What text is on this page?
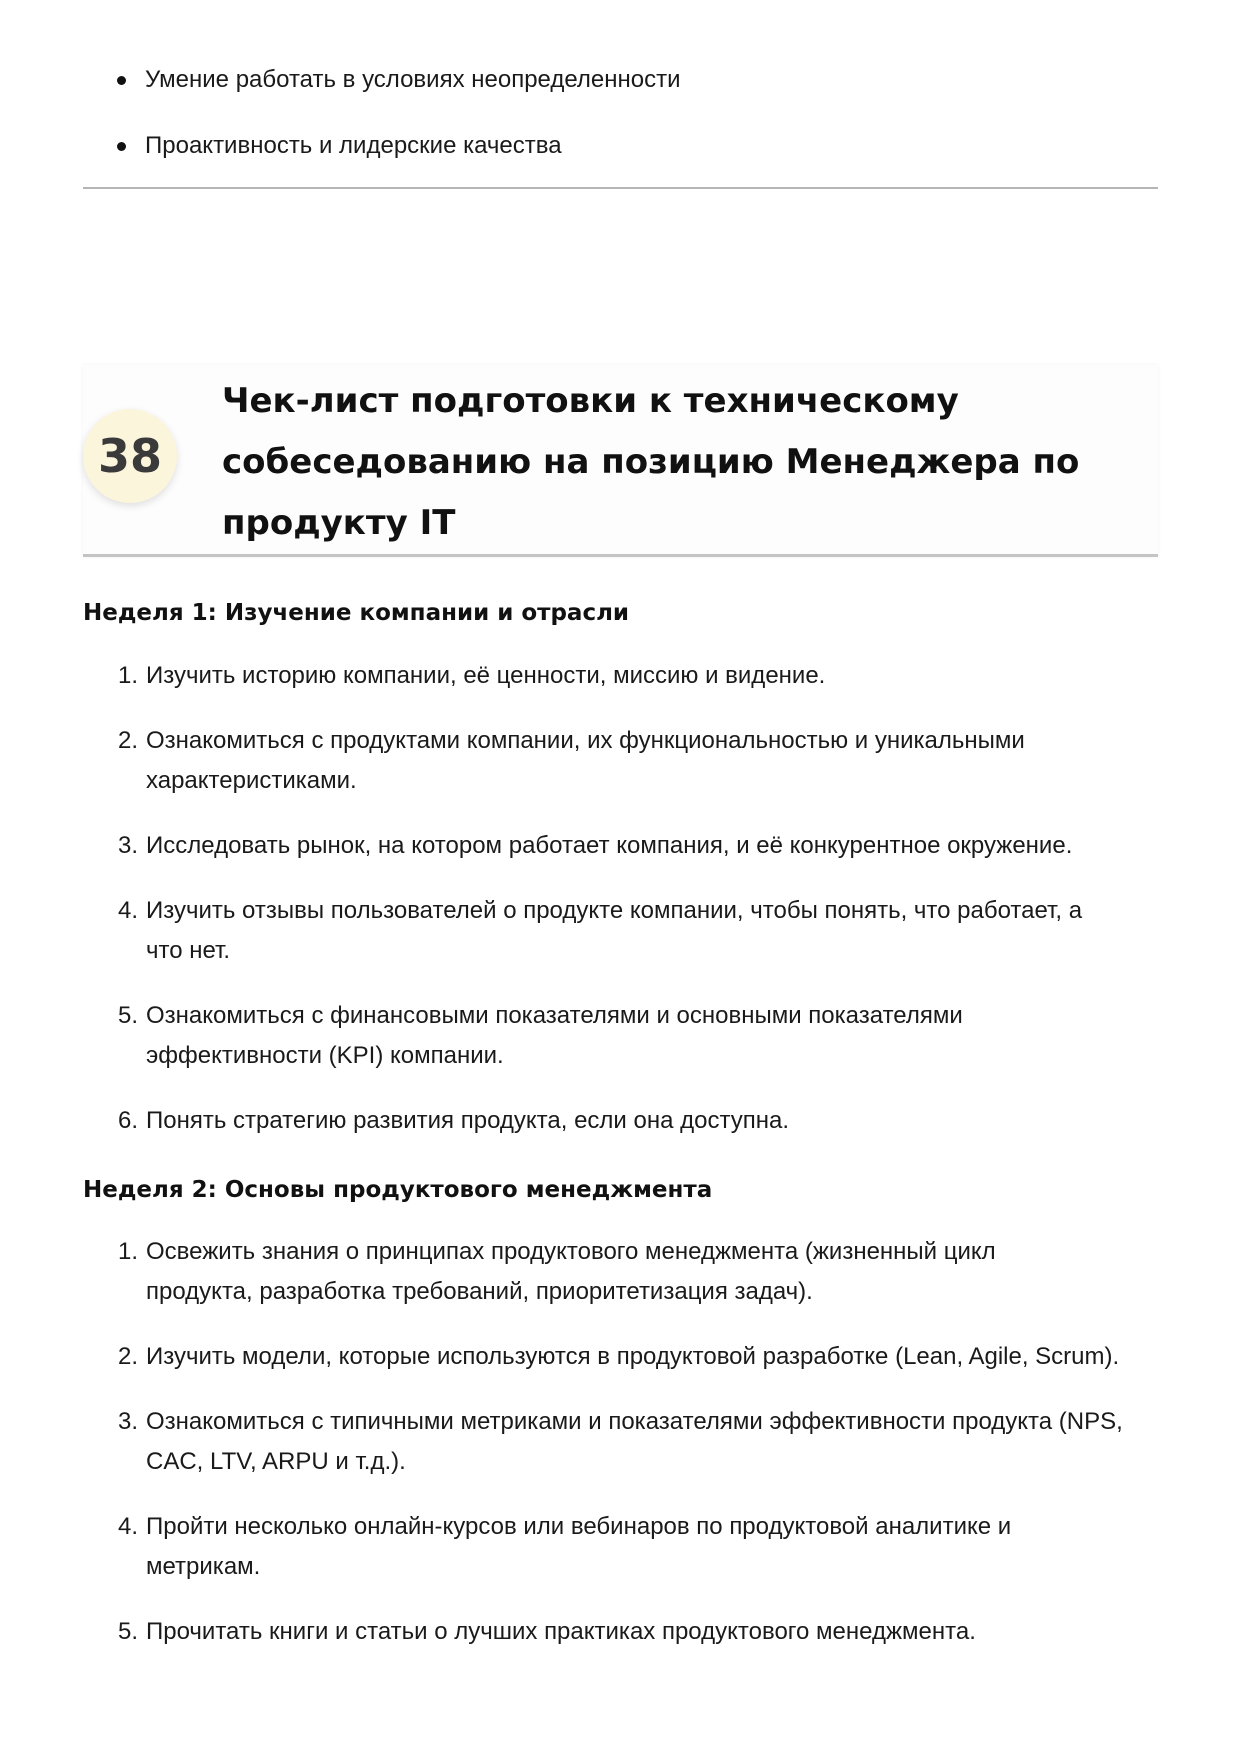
Умение работать в условиях неопределенности
Проактивность и лидерские качества
38
Чек-лист подготовки к техническому собеседованию на позицию Менеджера по продукту IT
Неделя 1: Изучение компании и отрасли
1. Изучить историю компании, её ценности, миссию и видение.
2. Ознакомиться с продуктами компании, их функциональностью и уникальными
характеристиками.
3. Исследовать рынок, на котором работает компания, и её конкурентное окружение.
4. Изучить отзывы пользователей о продукте компании, чтобы понять, что работает, а
что нет.
5. Ознакомиться с финансовыми показателями и основными показателями
эффективности (KPI) компании.
6. Понять стратегию развития продукта, если она доступна.
Неделя 2: Основы продуктового менеджмента
1. Освежить знания о принципах продуктового менеджмента (жизненный цикл
продукта, разработка требований, приоритетизация задач).
2. Изучить модели, которые используются в продуктовой разработке (Lean, Agile, Scrum).
3. Ознакомиться с типичными метриками и показателями эффективности продукта (NPS,
CAC, LTV, ARPU и т.д.).
4. Пройти несколько онлайн-курсов или вебинаров по продуктовой аналитике и
метрикам.
5. Прочитать книги и статьи о лучших практиках продуктового менеджмента.
